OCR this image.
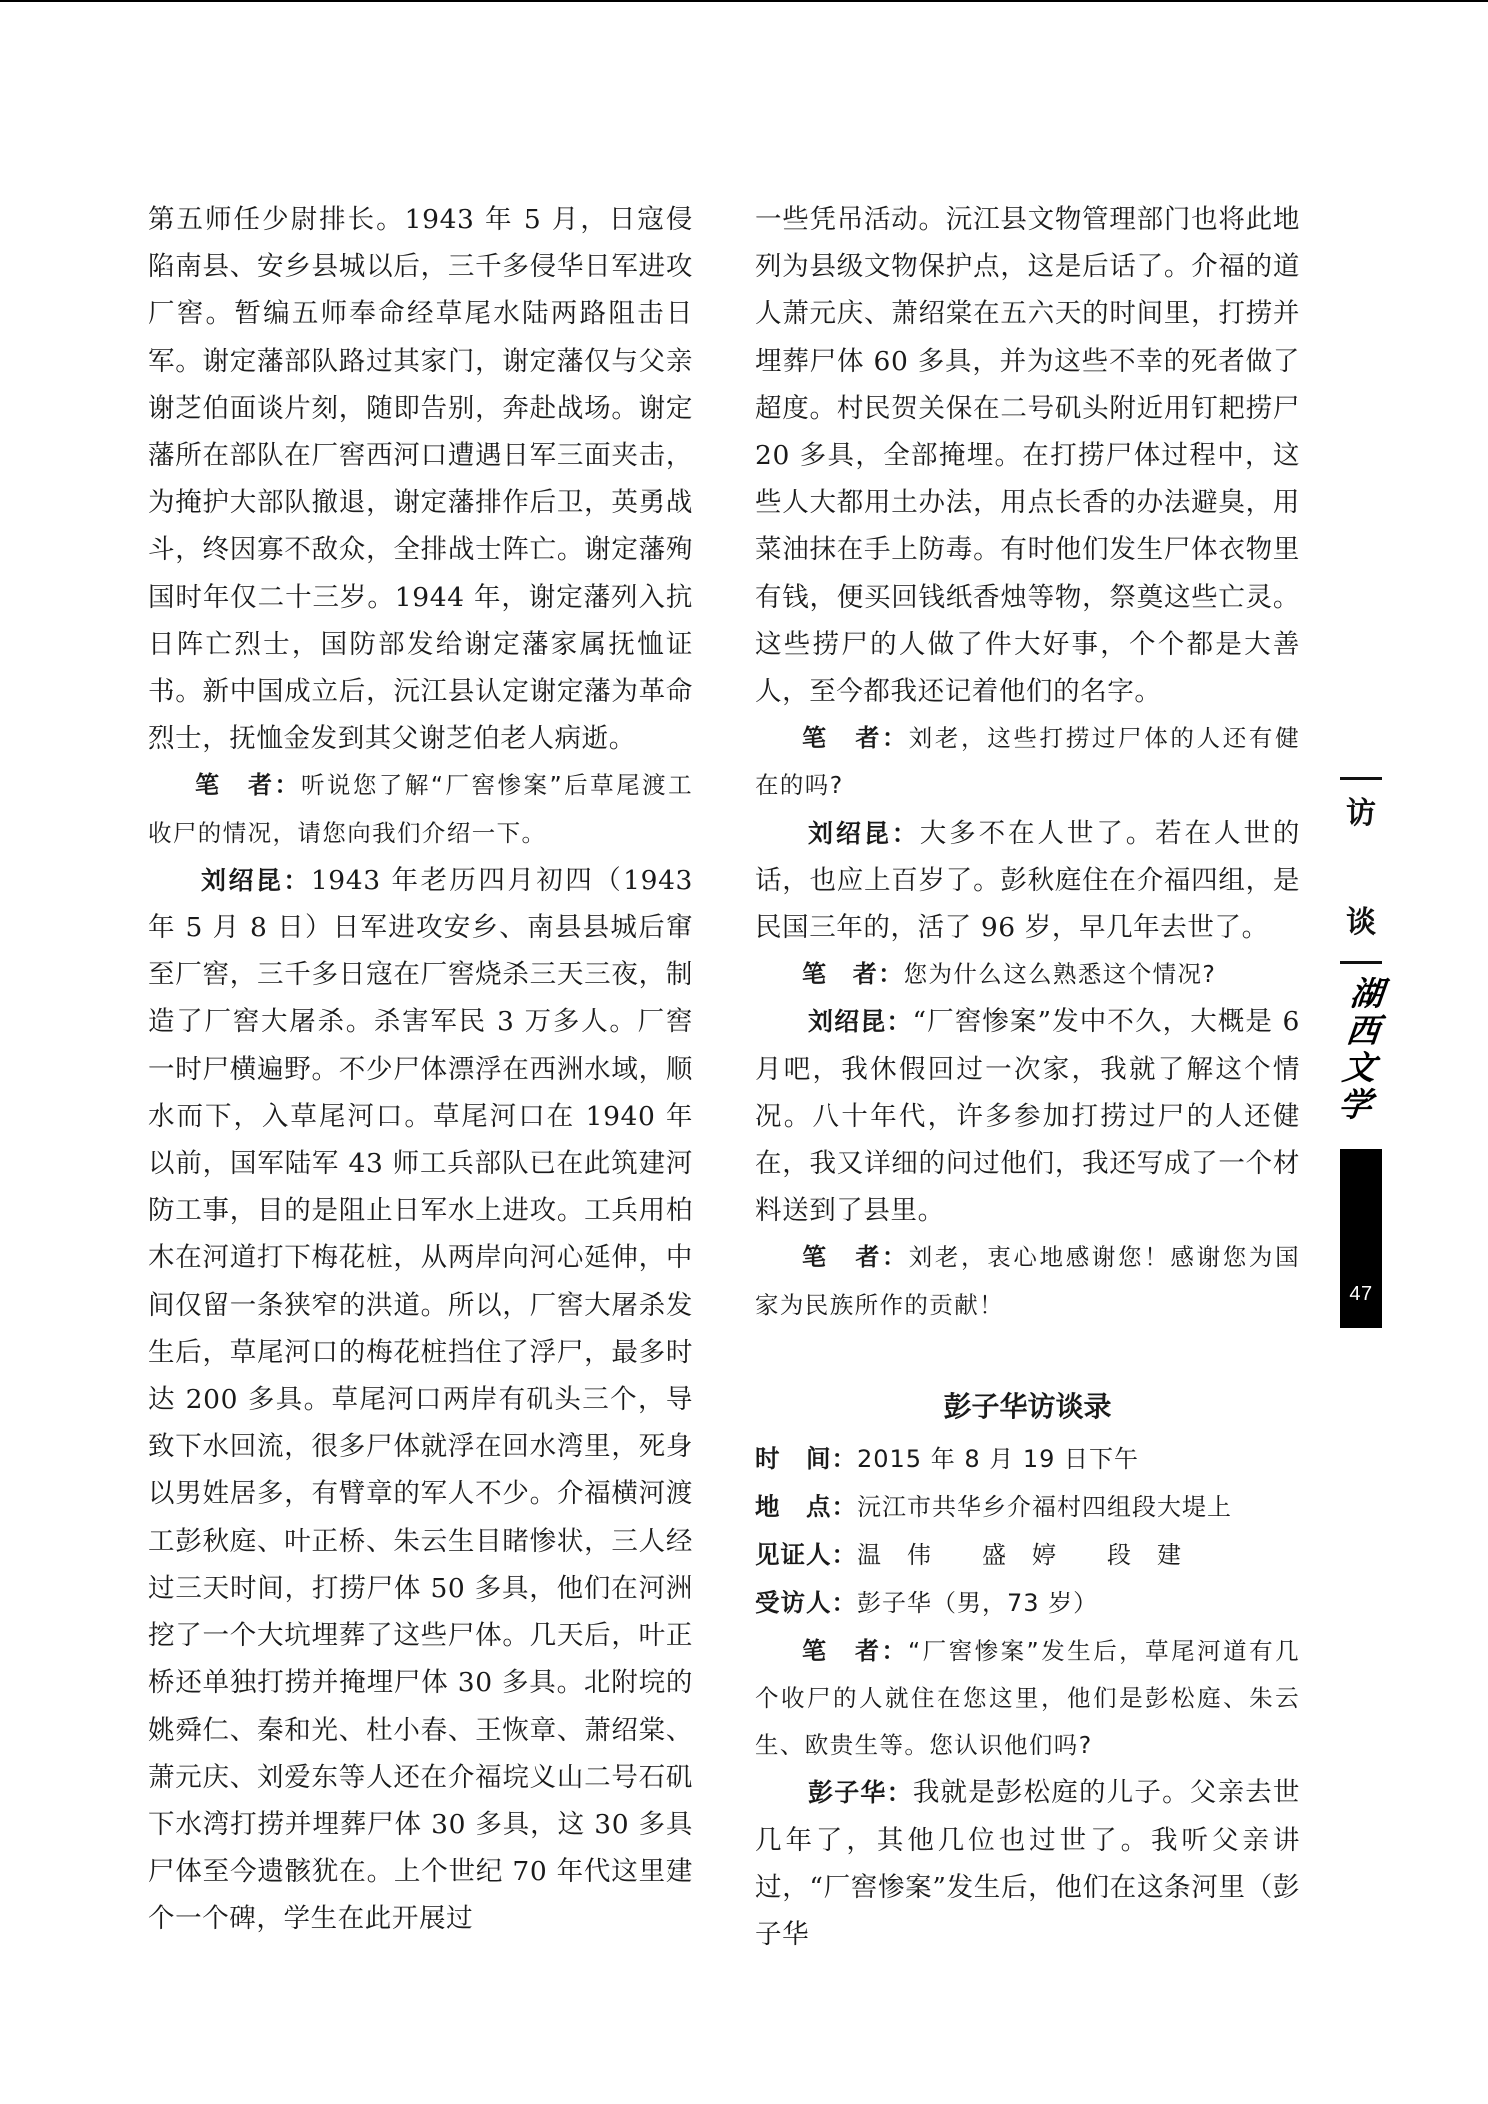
第五师任少尉排长。1943 年 5 月，日寇侵陷南县、安乡县城以后，三千多侵华日军进攻厂窖。暂编五师奉命经草尾水陆两路阻击日军。谢定藩部队路过其家门，谢定藩仅与父亲谢芝伯面谈片刻，随即告别，奔赴战场。谢定藩所在部队在厂窖西河口遭遇日军三面夹击，为掩护大部队撤退，谢定藩排作后卫，英勇战斗，终因寡不敌众，全排战士阵亡。谢定藩殉国时年仅二十三岁。1944 年，谢定藩列入抗日阵亡烈士，国防部发给谢定藩家属抚恤证书。新中国成立后，沅江县认定谢定藩为革命烈士，抚恤金发到其父谢芝伯老人病逝。

笔　者：听说您了解“厂窖惨案”后草尾渡工收尸的情况，请您向我们介绍一下。

刘绍昆：1943 年老历四月初四（1943 年 5 月 8 日）日军进攻安乡、南县县城后窜至厂窖，三千多日寇在厂窖烧杀三天三夜，制造了厂窖大屠杀。杀害军民 3 万多人。厂窖一时尸横遍野。不少尸体漂浮在西洲水域，顺水而下，入草尾河口。草尾河口在 1940 年以前，国军陆军 43 师工兵部队已在此筑建河防工事，目的是阻止日军水上进攻。工兵用柏木在河道打下梅花桩，从两岸向河心延伸，中间仅留一条狭窄的洪道。所以，厂窖大屠杀发生后，草尾河口的梅花桩挡住了浮尸，最多时达 200 多具。草尾河口两岸有矶头三个，导致下水回流，很多尸体就浮在回水湾里，死身以男姓居多，有臂章的军人不少。介福横河渡工彭秋庭、叶正桥、朱云生目睹惨状，三人经过三天时间，打捞尸体 50 多具，他们在河洲挖了一个大坑埋葬了这些尸体。几天后，叶正桥还单独打捞并掩埋尸体 30 多具。北附垸的姚舜仁、秦和光、杜小春、王恢章、萧绍棠、萧元庆、刘爱东等人还在介福垸义山二号石矶下水湾打捞并埋葬尸体 30 多具，这 30 多具尸体至今遗骸犹在。上个世纪 70 年代这里建个一个碑，学生在此开展过

一些凭吊活动。沅江县文物管理部门也将此地列为县级文物保护点，这是后话了。介福的道人萧元庆、萧绍棠在五六天的时间里，打捞并埋葬尸体 60 多具，并为这些不幸的死者做了超度。村民贺关保在二号矶头附近用钉耙捞尸 20 多具，全部掩埋。在打捞尸体过程中，这些人大都用土办法，用点长香的办法避臭，用菜油抹在手上防毒。有时他们发生尸体衣物里有钱，便买回钱纸香烛等物，祭奠这些亡灵。这些捞尸的人做了件大好事，个个都是大善人，至今都我还记着他们的名字。

笔　者：刘老，这些打捞过尸体的人还有健在的吗?

刘绍昆：大多不在人世了。若在人世的话，也应上百岁了。彭秋庭住在介福四组，是民国三年的，活了 96 岁，早几年去世了。

笔　者：您为什么这么熟悉这个情况?

刘绍昆：“厂窖惨案”发中不久，大概是 6 月吧，我休假回过一次家，我就了解这个情况。八十年代，许多参加打捞过尸的人还健在，我又详细的问过他们，我还写成了一个材料送到了县里。

笔　者：刘老，衷心地感谢您！感谢您为国家为民族所作的贡献！

彭子华访谈录

时　间：2015 年 8 月 19 日下午

地　点：沅江市共华乡介福村四组段大堤上

见证人：温　伟　　盛　婷　　段　建

受访人：彭子华（男，73 岁）

笔　者：“厂窖惨案”发生后，草尾河道有几个收尸的人就住在您这里，他们是彭松庭、朱云生、欧贵生等。您认识他们吗?

彭子华：我就是彭松庭的儿子。父亲去世几年了，其他几位也过世了。我听父亲讲过，“厂窖惨案”发生后，他们在这条河里（彭子华

访
谈
湖
西
文
学
47
